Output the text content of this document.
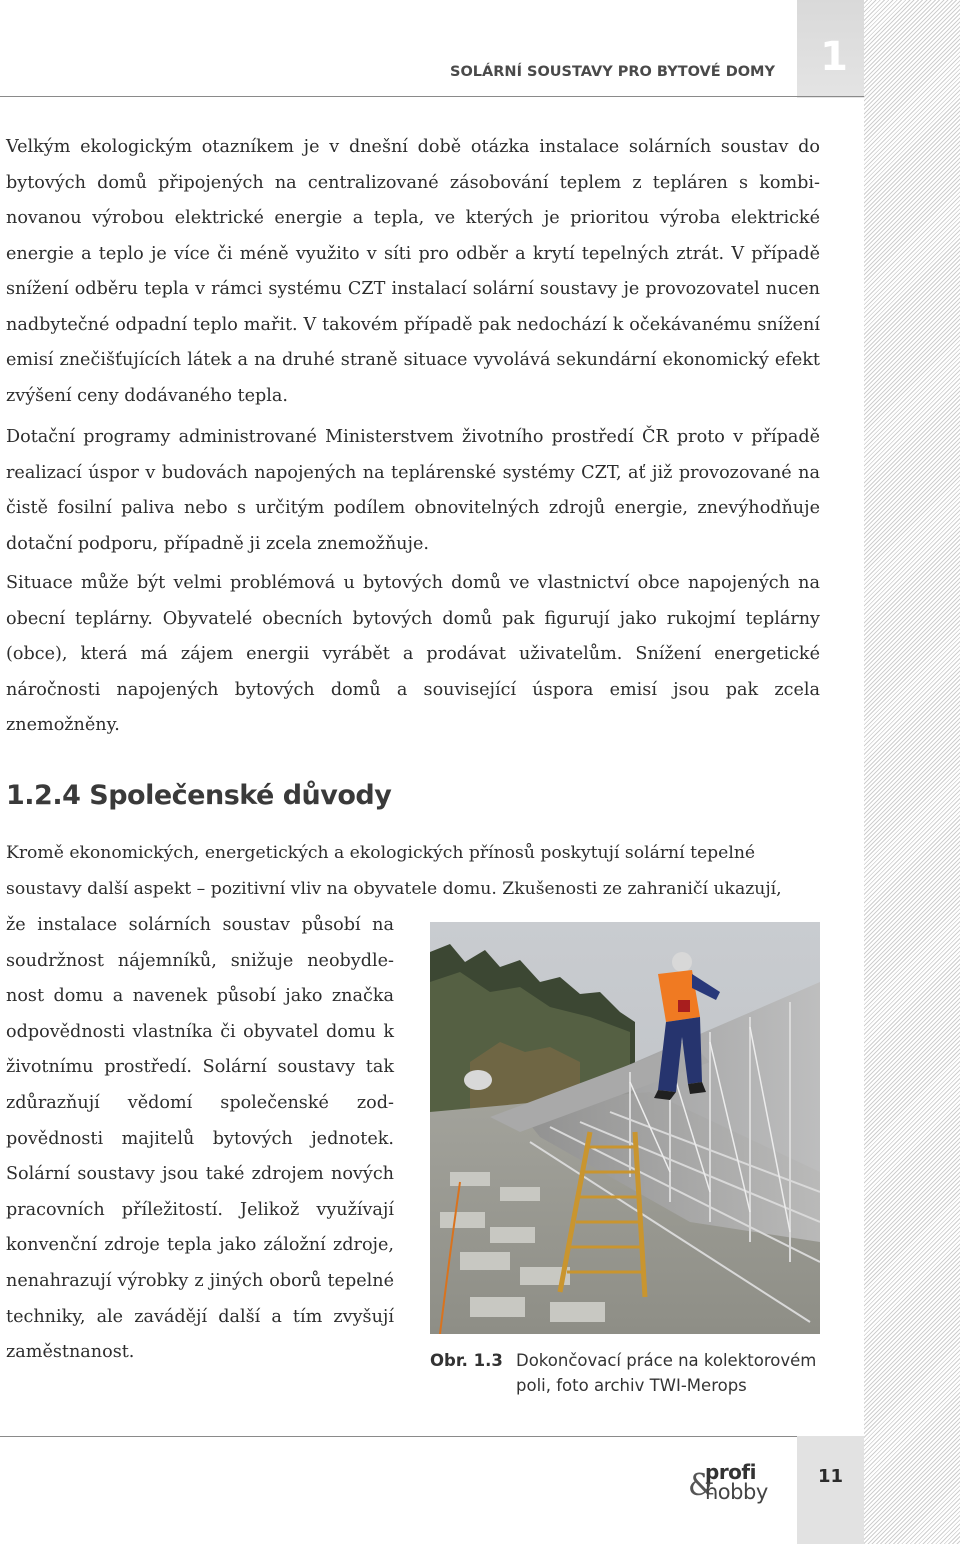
1
SOLÁRNÍ SOUSTAVY PRO BYTOVÉ DOMY

Velkým ekologickým otazníkem je v dnešní době otázka instalace solárních soustav do bytových domů připojených na centralizované zásobování teplem z tepláren s kombinovanou výrobou elektrické energie a tepla, ve kterých je prioritou výroba elektrické energie a teplo je více či méně využito v síti pro odběr a krytí tepelných ztrát. V případě snížení odběru tepla v rámci systému CZT instalací solární soustavy je provozovatel nucen nadbytečné odpadní teplo mařit. V takovém případě pak nedochází k očekávanému snížení emisí znečišťujících látek a na druhé straně situace vyvolává sekundární ekonomický efekt zvýšení ceny dodávaného tepla.

Dotační programy administrované Ministerstvem životního prostředí ČR proto v případě realizací úspor v budovách napojených na teplárenské systémy CZT, ať již provozované na čistě fosilní paliva nebo s určitým podílem obnovitelných zdrojů energie, znevýhodňuje dotační podporu, případně ji zcela znemožňuje.

Situace může být velmi problémová u bytových domů ve vlastnictví obce napojených na obecní teplárny. Obyvatelé obecních bytových domů pak figurují jako rukojmí teplárny (obce), která má zájem energii vyrábět a prodávat uživatelům. Snížení energetické náročnosti napojených bytových domů a související úspora emisí jsou pak zcela znemožněny.

1.2.4 Společenské důvody

Kromě ekonomických, energetických a ekologických přínosů poskytují solární tepelné
soustavy další aspekt – pozitivní vliv na obyvatele domu. Zkušenosti ze zahraničí ukazují,

že instalace solárních soustav působí na soudržnost nájemníků, snižuje neobydlenost domu a navenek působí jako značka odpovědnosti vlastníka či obyvatel domu k životnímu prostředí. Solární soustavy tak zdůrazňují vědomí společenské zodpovědnosti majitelů bytových jednotek. Solární soustavy jsou také zdrojem nových pracovních příležitostí. Jelikož využívají konvenční zdroje tepla jako záložní zdroje, nenahrazují výrobky z jiných oborů tepelné techniky, ale zavádějí další a tím zvyšují zaměstnanost.	Obr. 1.3 Dokončovací práce na kolektorovém poli, foto archiv TWI-Merops
&
profi
hobby
11
